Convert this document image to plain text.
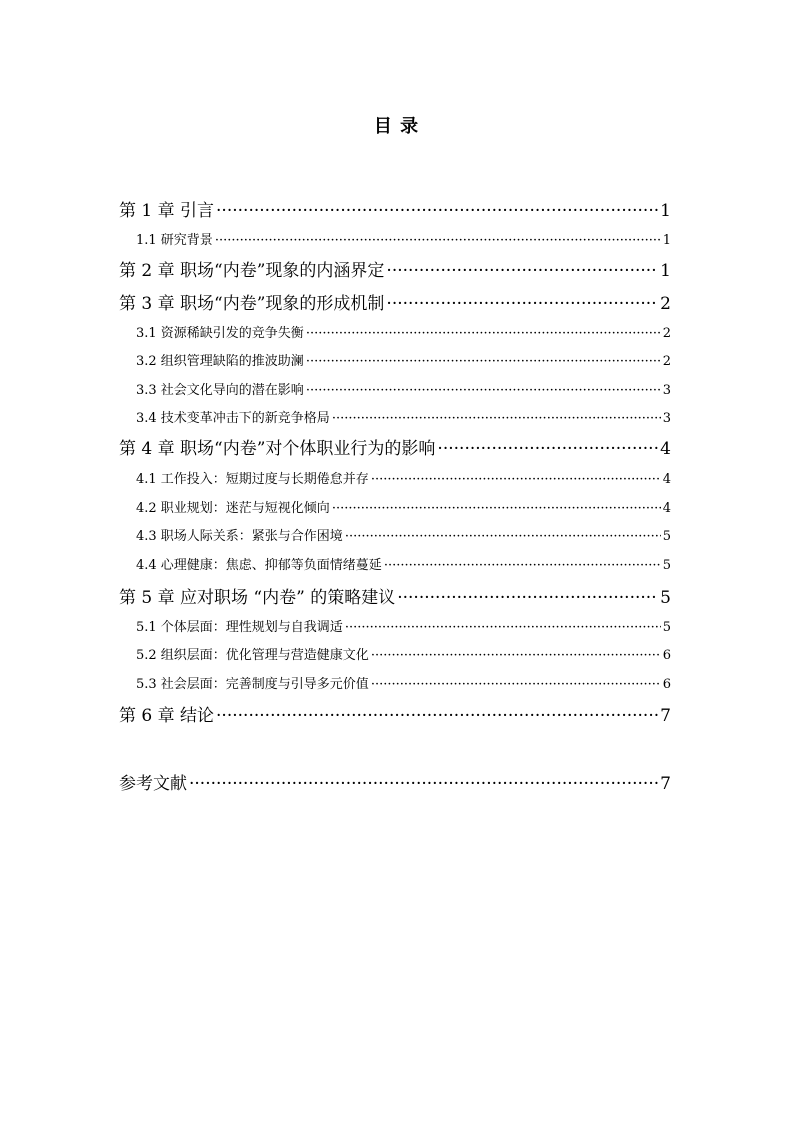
目 录
第 1 章 引言 ·····	1
1.1 研究背景 ·····	1
第 2 章 职场“内卷”现象的内涵界定 ·····	1
第 3 章 职场“内卷”现象的形成机制 ·····	2
3.1 资源稀缺引发的竞争失衡 ·····	2
3.2 组织管理缺陷的推波助澜 ·····	2
3.3 社会文化导向的潜在影响 ·····	3
3.4 技术变革冲击下的新竞争格局 ·····	3
第 4 章 职场“内卷”对个体职业行为的影响 ·····	4
4.1 工作投入：短期过度与长期倦怠并存 ·····	4
4.2 职业规划：迷茫与短视化倾向 ·····	4
4.3 职场人际关系：紧张与合作困境 ·····	5
4.4 心理健康：焦虑、抑郁等负面情绪蔓延 ·····	5
第 5 章 应对职场 “内卷” 的策略建议 ·····	5
5.1 个体层面：理性规划与自我调适 ·····	5
5.2 组织层面：优化管理与营造健康文化 ·····	6
5.3 社会层面：完善制度与引导多元价值 ·····	6
第 6 章 结论 ·····	7
参考文献 ·····	7
